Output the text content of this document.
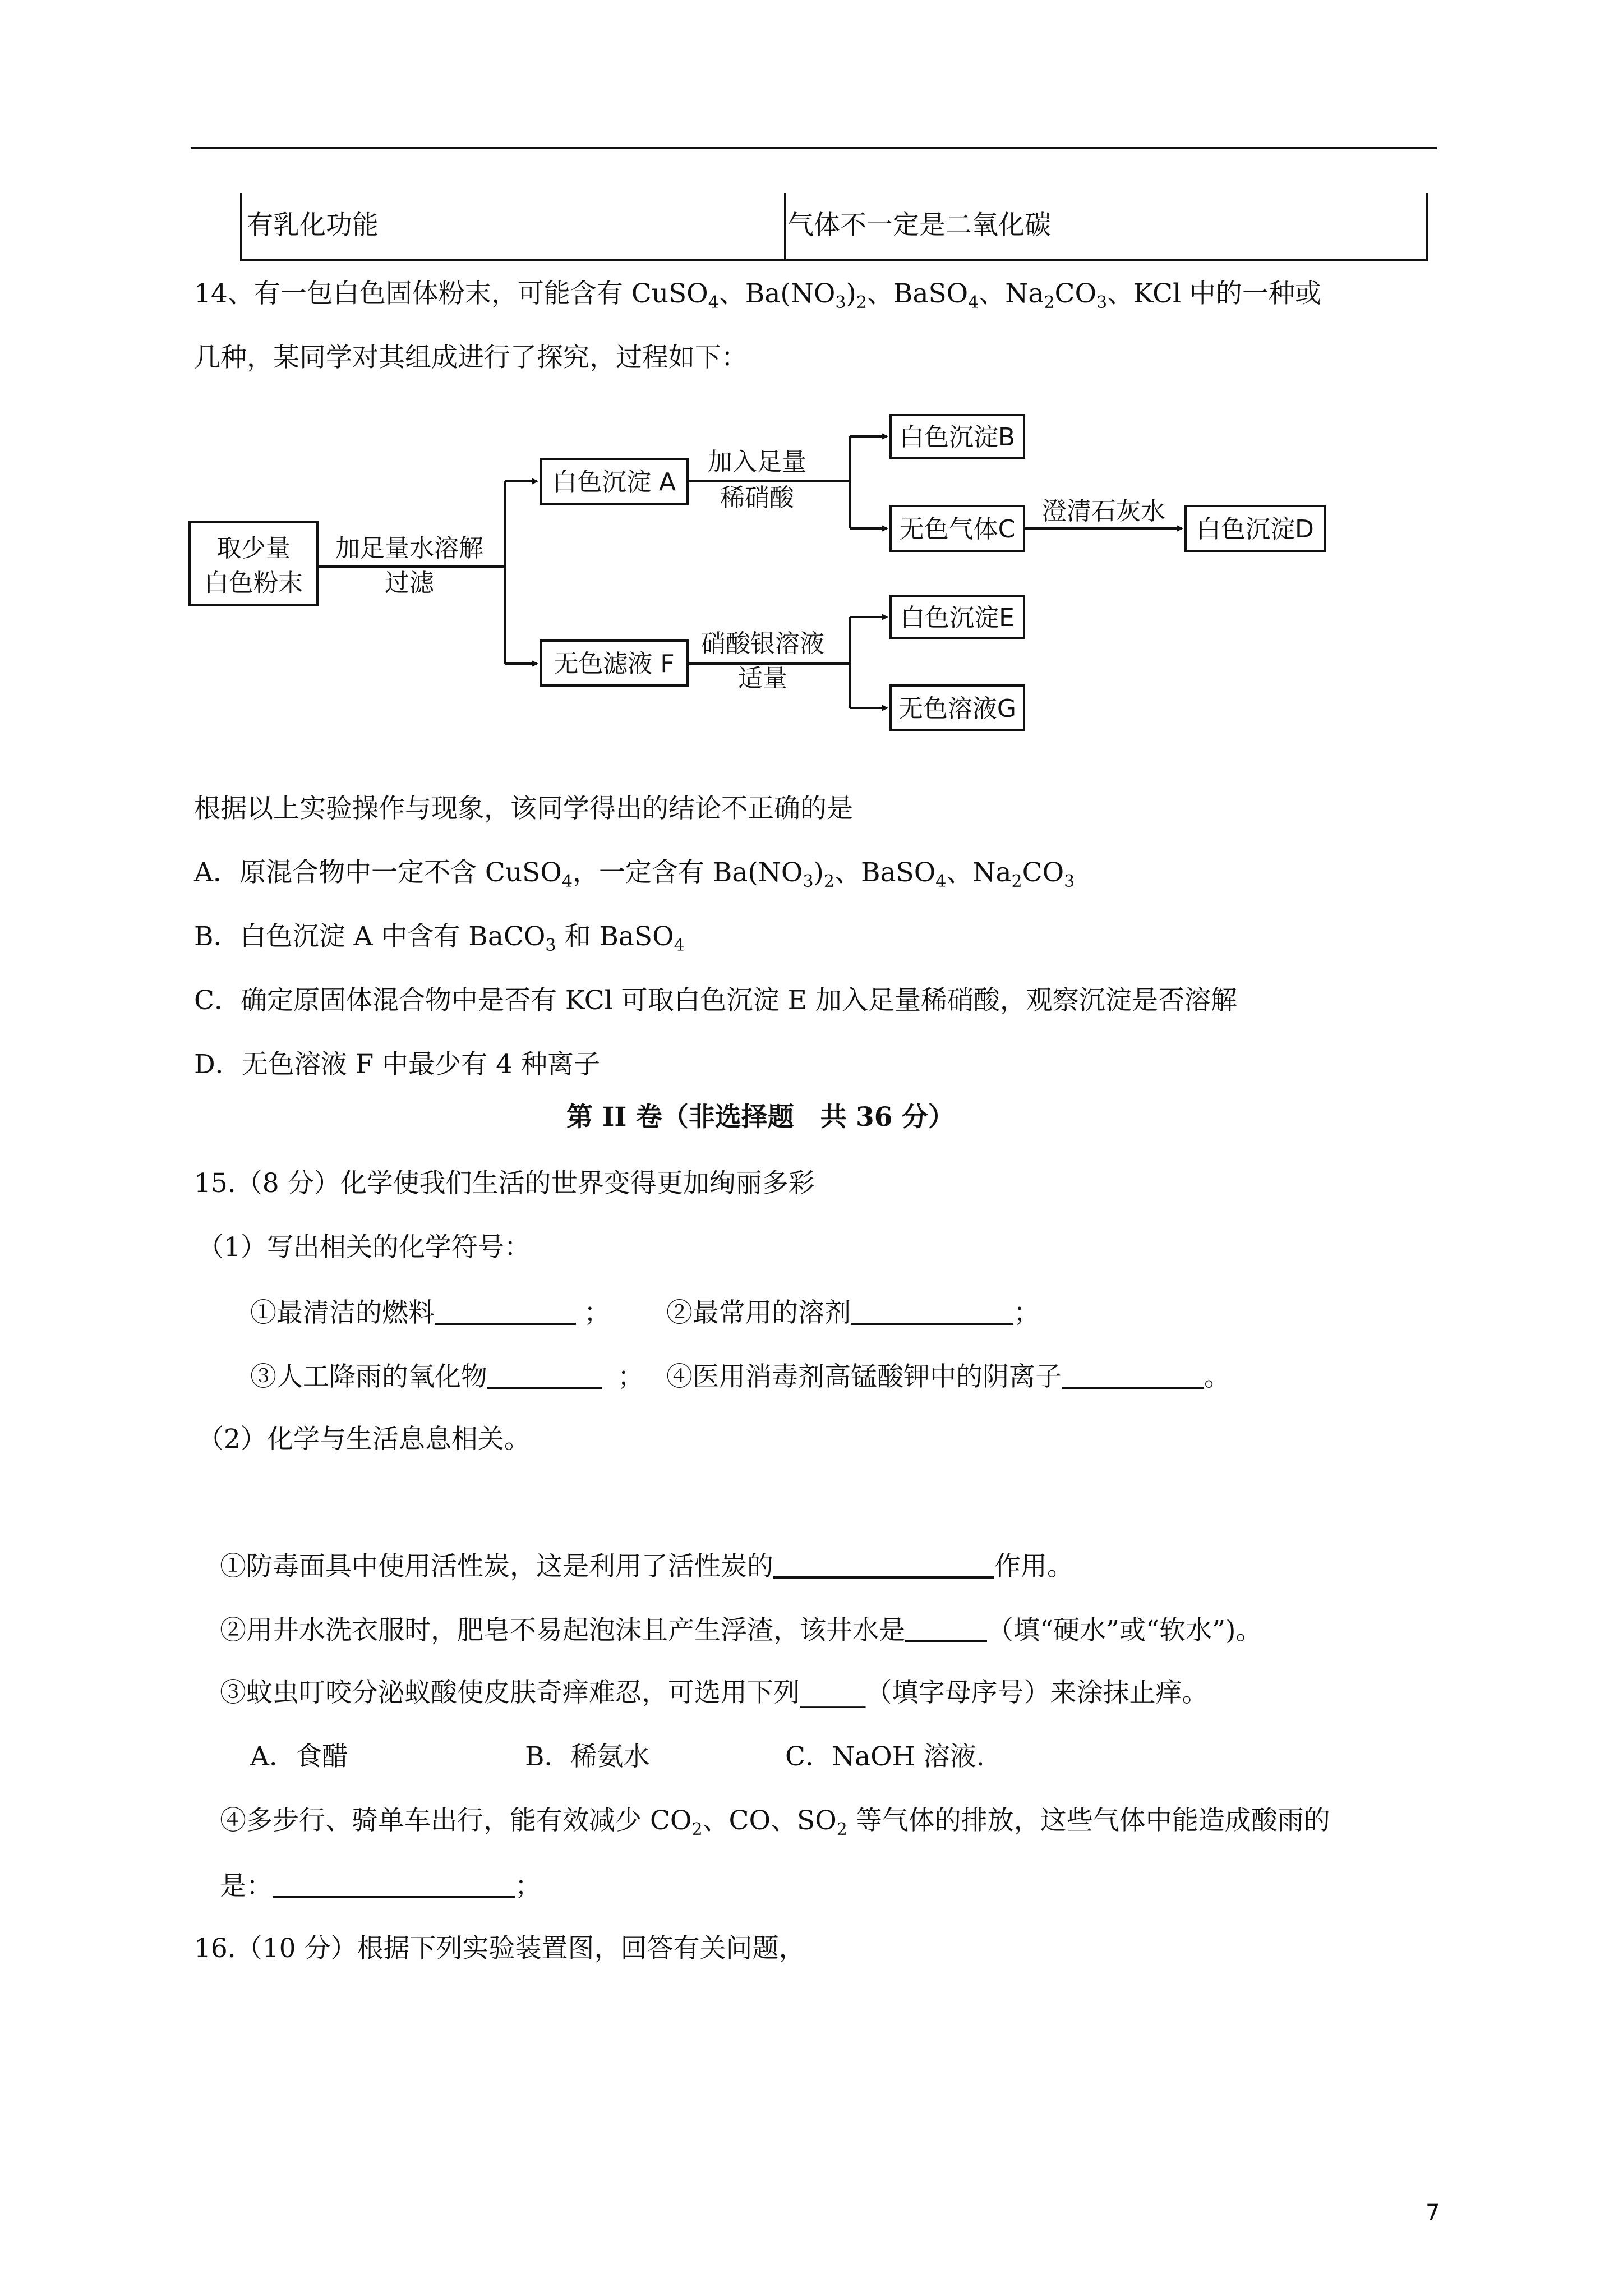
有乳化功能	气体不一定是二氧化碳
14、有一包白色固体粉末，可能含有 CuSO$_4$、$Ba(NO_3)_2$、BaSO$_4$、$Na_2CO_3$、KCl 中的一种或
几种，某同学对其组成进行了探究，过程如下：
取少量
白色粉末
加足量水溶解
过滤
白色沉淀 A
无色滤液 F
加入足量
稀硝酸
硝酸银溶液
适量
白色沉淀B
无色气体C
澄清石灰水
白色沉淀D
白色沉淀E
无色溶液G
根据以上实验操作与现象，该同学得出的结论不正确的是
A．原混合物中一定不含 CuSO$_4$，一定含有 $Ba(NO_3)_2$、BaSO$_4$、$Na_2CO_3$
B．白色沉淀 A 中含有 BaCO$_3$ 和 BaSO$_4$
C．确定原固体混合物中是否有 KCl 可取白色沉淀 E 加入足量稀硝酸，观察沉淀是否溶解
D．无色溶液 F 中最少有 4 种离子
第 II 卷（非选择题　共 36 分）
15.（8 分）化学使我们生活的世界变得更加绚丽多彩
（1）写出相关的化学符号：
①最清洁的燃料	； ②最常用的溶剂	；
③人工降雨的氧化物	； ④医用消毒剂高锰酸钾中的阴离子	。
（2）化学与生活息息相关。
①防毒面具中使用活性炭，这是利用了活性炭的	作用。
②用井水洗衣服时，肥皂不易起泡沫且产生浮渣，该井水是	（填“硬水”或“软水”)。
③蚊虫叮咬分泌蚁酸使皮肤奇痒难忍，可选用下列_____（填字母序号）来涂抹止痒。
A．食醋	B．稀氨水	C．NaOH 溶液.
④多步行、骑单车出行，能有效减少 $CO_2$、CO、$SO_2$ 等气体的排放，这些气体中能造成酸雨的
是：	；
16.（10 分）根据下列实验装置图，回答有关问题，
7
